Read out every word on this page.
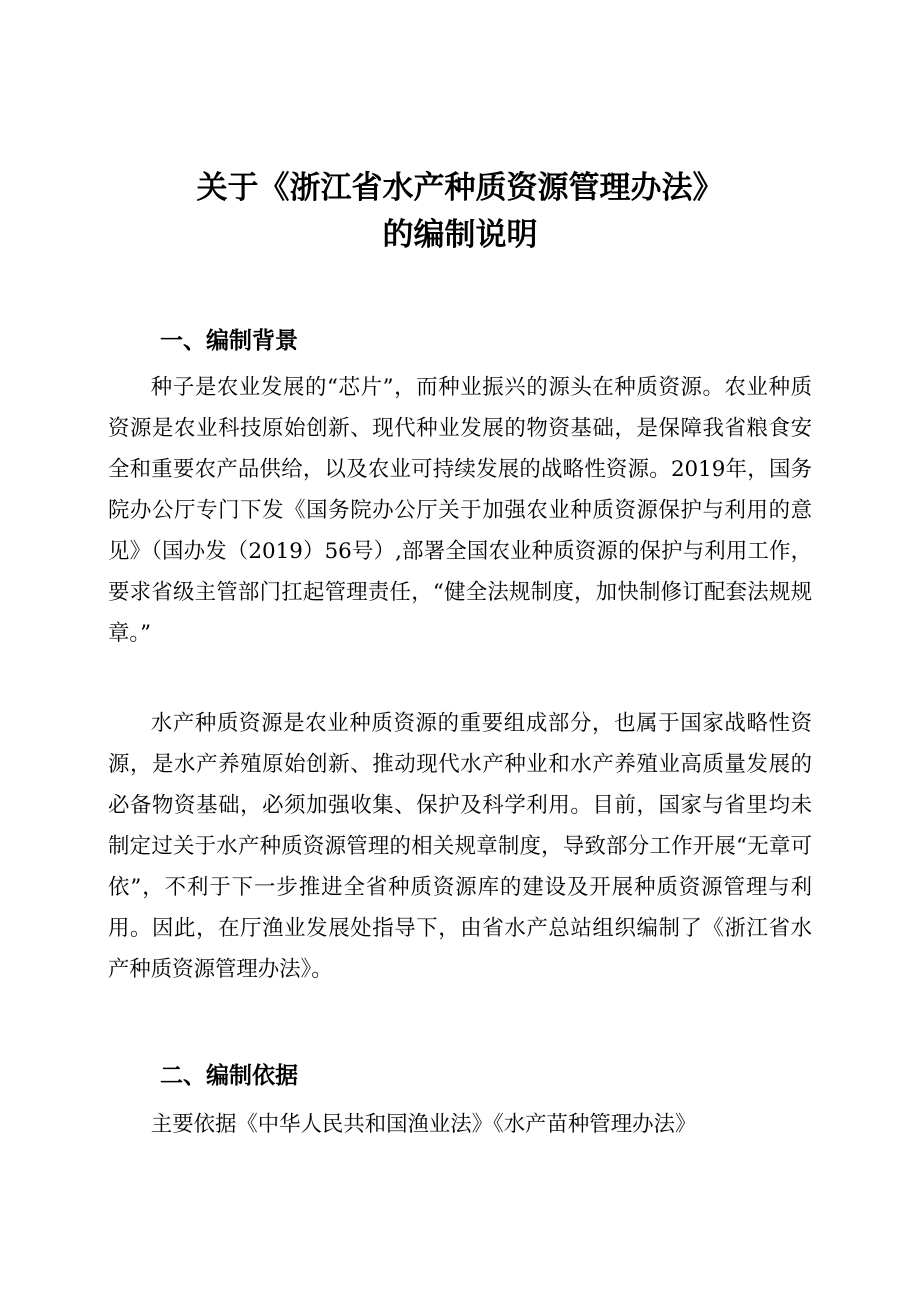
关于《浙江省水产种质资源管理办法》
的编制说明
一、编制背景

种子是农业发展的“芯片”，而种业振兴的源头在种质资源。农业种质资源是农业科技原始创新、现代种业发展的物资基础，是保障我省粮食安全和重要农产品供给，以及农业可持续发展的战略性资源。2019年，国务院办公厅专门下发《国务院办公厅关于加强农业种质资源保护与利用的意见》（国办发（2019）56号）,部署全国农业种质资源的保护与利用工作，要求省级主管部门扛起管理责任，“健全法规制度，加快制修订配套法规规章。”

水产种质资源是农业种质资源的重要组成部分，也属于国家战略性资源，是水产养殖原始创新、推动现代水产种业和水产养殖业高质量发展的必备物资基础，必须加强收集、保护及科学利用。目前，国家与省里均未制定过关于水产种质资源管理的相关规章制度，导致部分工作开展“无章可依”，不利于下一步推进全省种质资源库的建设及开展种质资源管理与利用。因此，在厅渔业发展处指导下，由省水产总站组织编制了《浙江省水产种质资源管理办法》。

二、编制依据

主要依据《中华人民共和国渔业法》《水产苗种管理办法》
